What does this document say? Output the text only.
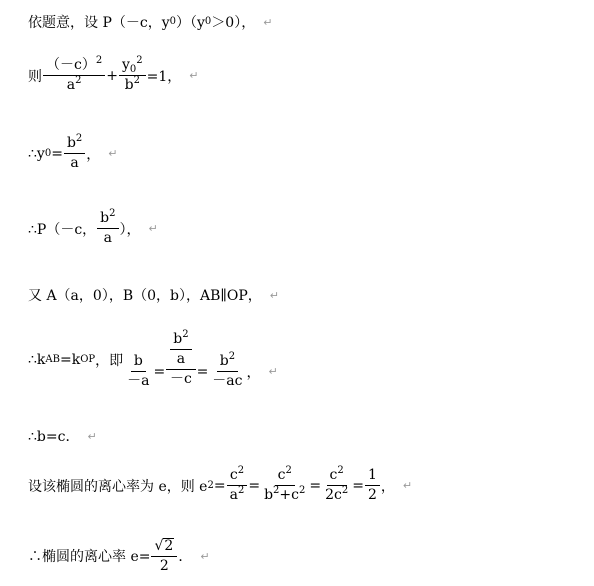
依题意，设 P（－c，y 0 ）（y 0 ＞0）， ↵
则 $\frac{(-c)^2}{a^2} + \frac{y_0^2}{b^2} =1$， ↵
∴y $0 = \frac{b^2}{a}$ ， ↵
∴P（－c， $\frac{b^2}{a}$ ）， ↵
又 A（a，0），B（0，b），AB∥OP， ↵
∴k AB =k OP ，即 $\frac{b}{-a} = \frac{\frac{b^2}{a}}{-c} = \frac{b^2}{-ac}$ ， ↵
∴b=c． ↵
设该椭圆的离心率为 e，则 e $2 = \frac{c^2}{a^2} = \frac{c^2}{b^2+c^2} = \frac{c^2}{2c^2} = \frac{1}{2}$ ， ↵
∴椭圆的离心率 $e= \frac{√ 2}{2}$ ． ↵
